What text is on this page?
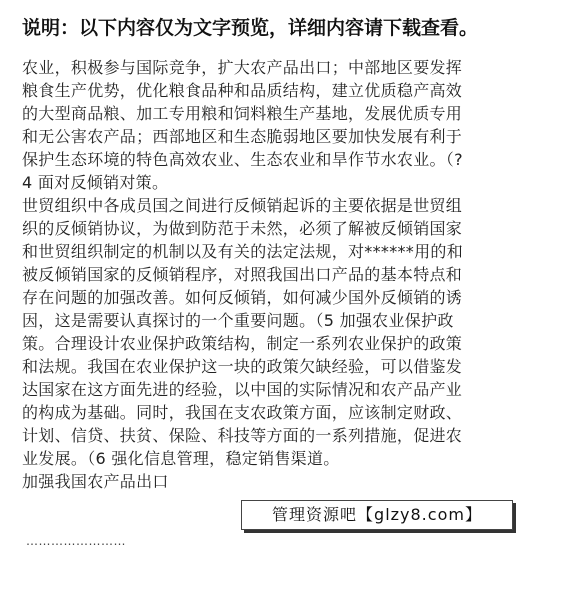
说明：以下内容仅为文字预览，详细内容请下载查看。
农业，积极参与国际竞争，扩大农产品出口；中部地区要发挥
粮食生产优势，优化粮食品种和品质结构，建立优质稳产高效
的大型商品粮、加工专用粮和饲料粮生产基地，发展优质专用
和无公害农产品；西部地区和生态脆弱地区要加快发展有利于
保护生态环境的特色高效农业、生态农业和旱作节水农业。（?
4 面对反倾销对策。
世贸组织中各成员国之间进行反倾销起诉的主要依据是世贸组
织的反倾销协议，为做到防范于未然，必须了解被反倾销国家
和世贸组织制定的机制以及有关的法定法规，对******用的和
被反倾销国家的反倾销程序，对照我国出口产品的基本特点和
存在问题的加强改善。如何反倾销，如何减少国外反倾销的诱
因，这是需要认真探讨的一个重要问题。（5 加强农业保护政
策。合理设计农业保护政策结构，制定一系列农业保护的政策
和法规。我国在农业保护这一块的政策欠缺经验，可以借鉴发
达国家在这方面先进的经验，以中国的实际情况和农产品产业
的构成为基础。同时，我国在支农政策方面，应该制定财政、
计划、信贷、扶贫、保险、科技等方面的一系列措施，促进农
业发展。（6 强化信息管理，稳定销售渠道。
加强我国农产品出口
管理资源吧【glzy8.com】
……………………
